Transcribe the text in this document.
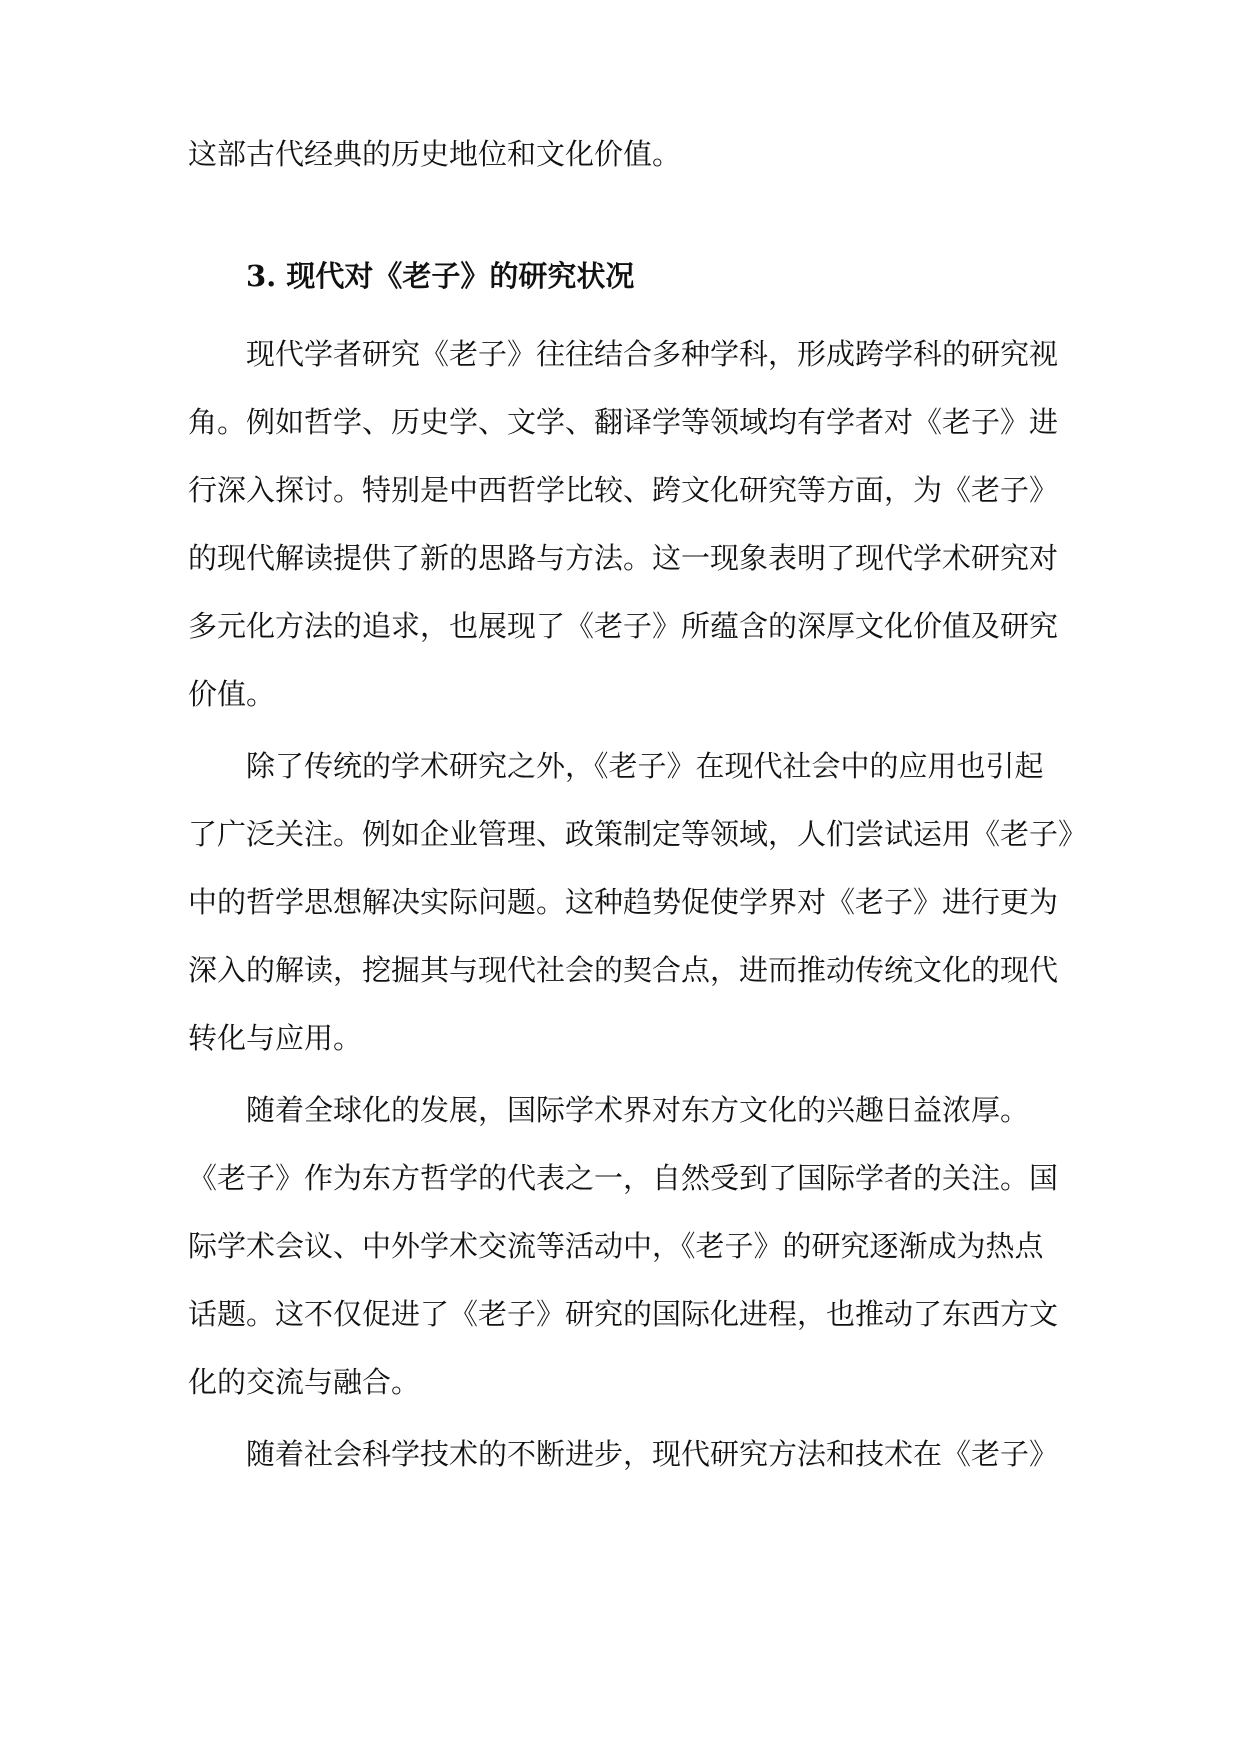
这部古代经典的历史地位和文化价值。
3. 现代对《老子》的研究状况
现代学者研究《老子》往往结合多种学科，形成跨学科的研究视
角。例如哲学、历史学、文学、翻译学等领域均有学者对《老子》进
行深入探讨。特别是中西哲学比较、跨文化研究等方面，为《老子》
的现代解读提供了新的思路与方法。这一现象表明了现代学术研究对
多元化方法的追求，也展现了《老子》所蕴含的深厚文化价值及研究
价值。
除了传统的学术研究之外，《老子》在现代社会中的应用也引起
了广泛关注。例如企业管理、政策制定等领域，人们尝试运用《老子》
中的哲学思想解决实际问题。这种趋势促使学界对《老子》进行更为
深入的解读，挖掘其与现代社会的契合点，进而推动传统文化的现代
转化与应用。
随着全球化的发展，国际学术界对东方文化的兴趣日益浓厚。
《老子》作为东方哲学的代表之一，自然受到了国际学者的关注。国
际学术会议、中外学术交流等活动中，《老子》的研究逐渐成为热点
话题。这不仅促进了《老子》研究的国际化进程，也推动了东西方文
化的交流与融合。
随着社会科学技术的不断进步，现代研究方法和技术在《老子》
